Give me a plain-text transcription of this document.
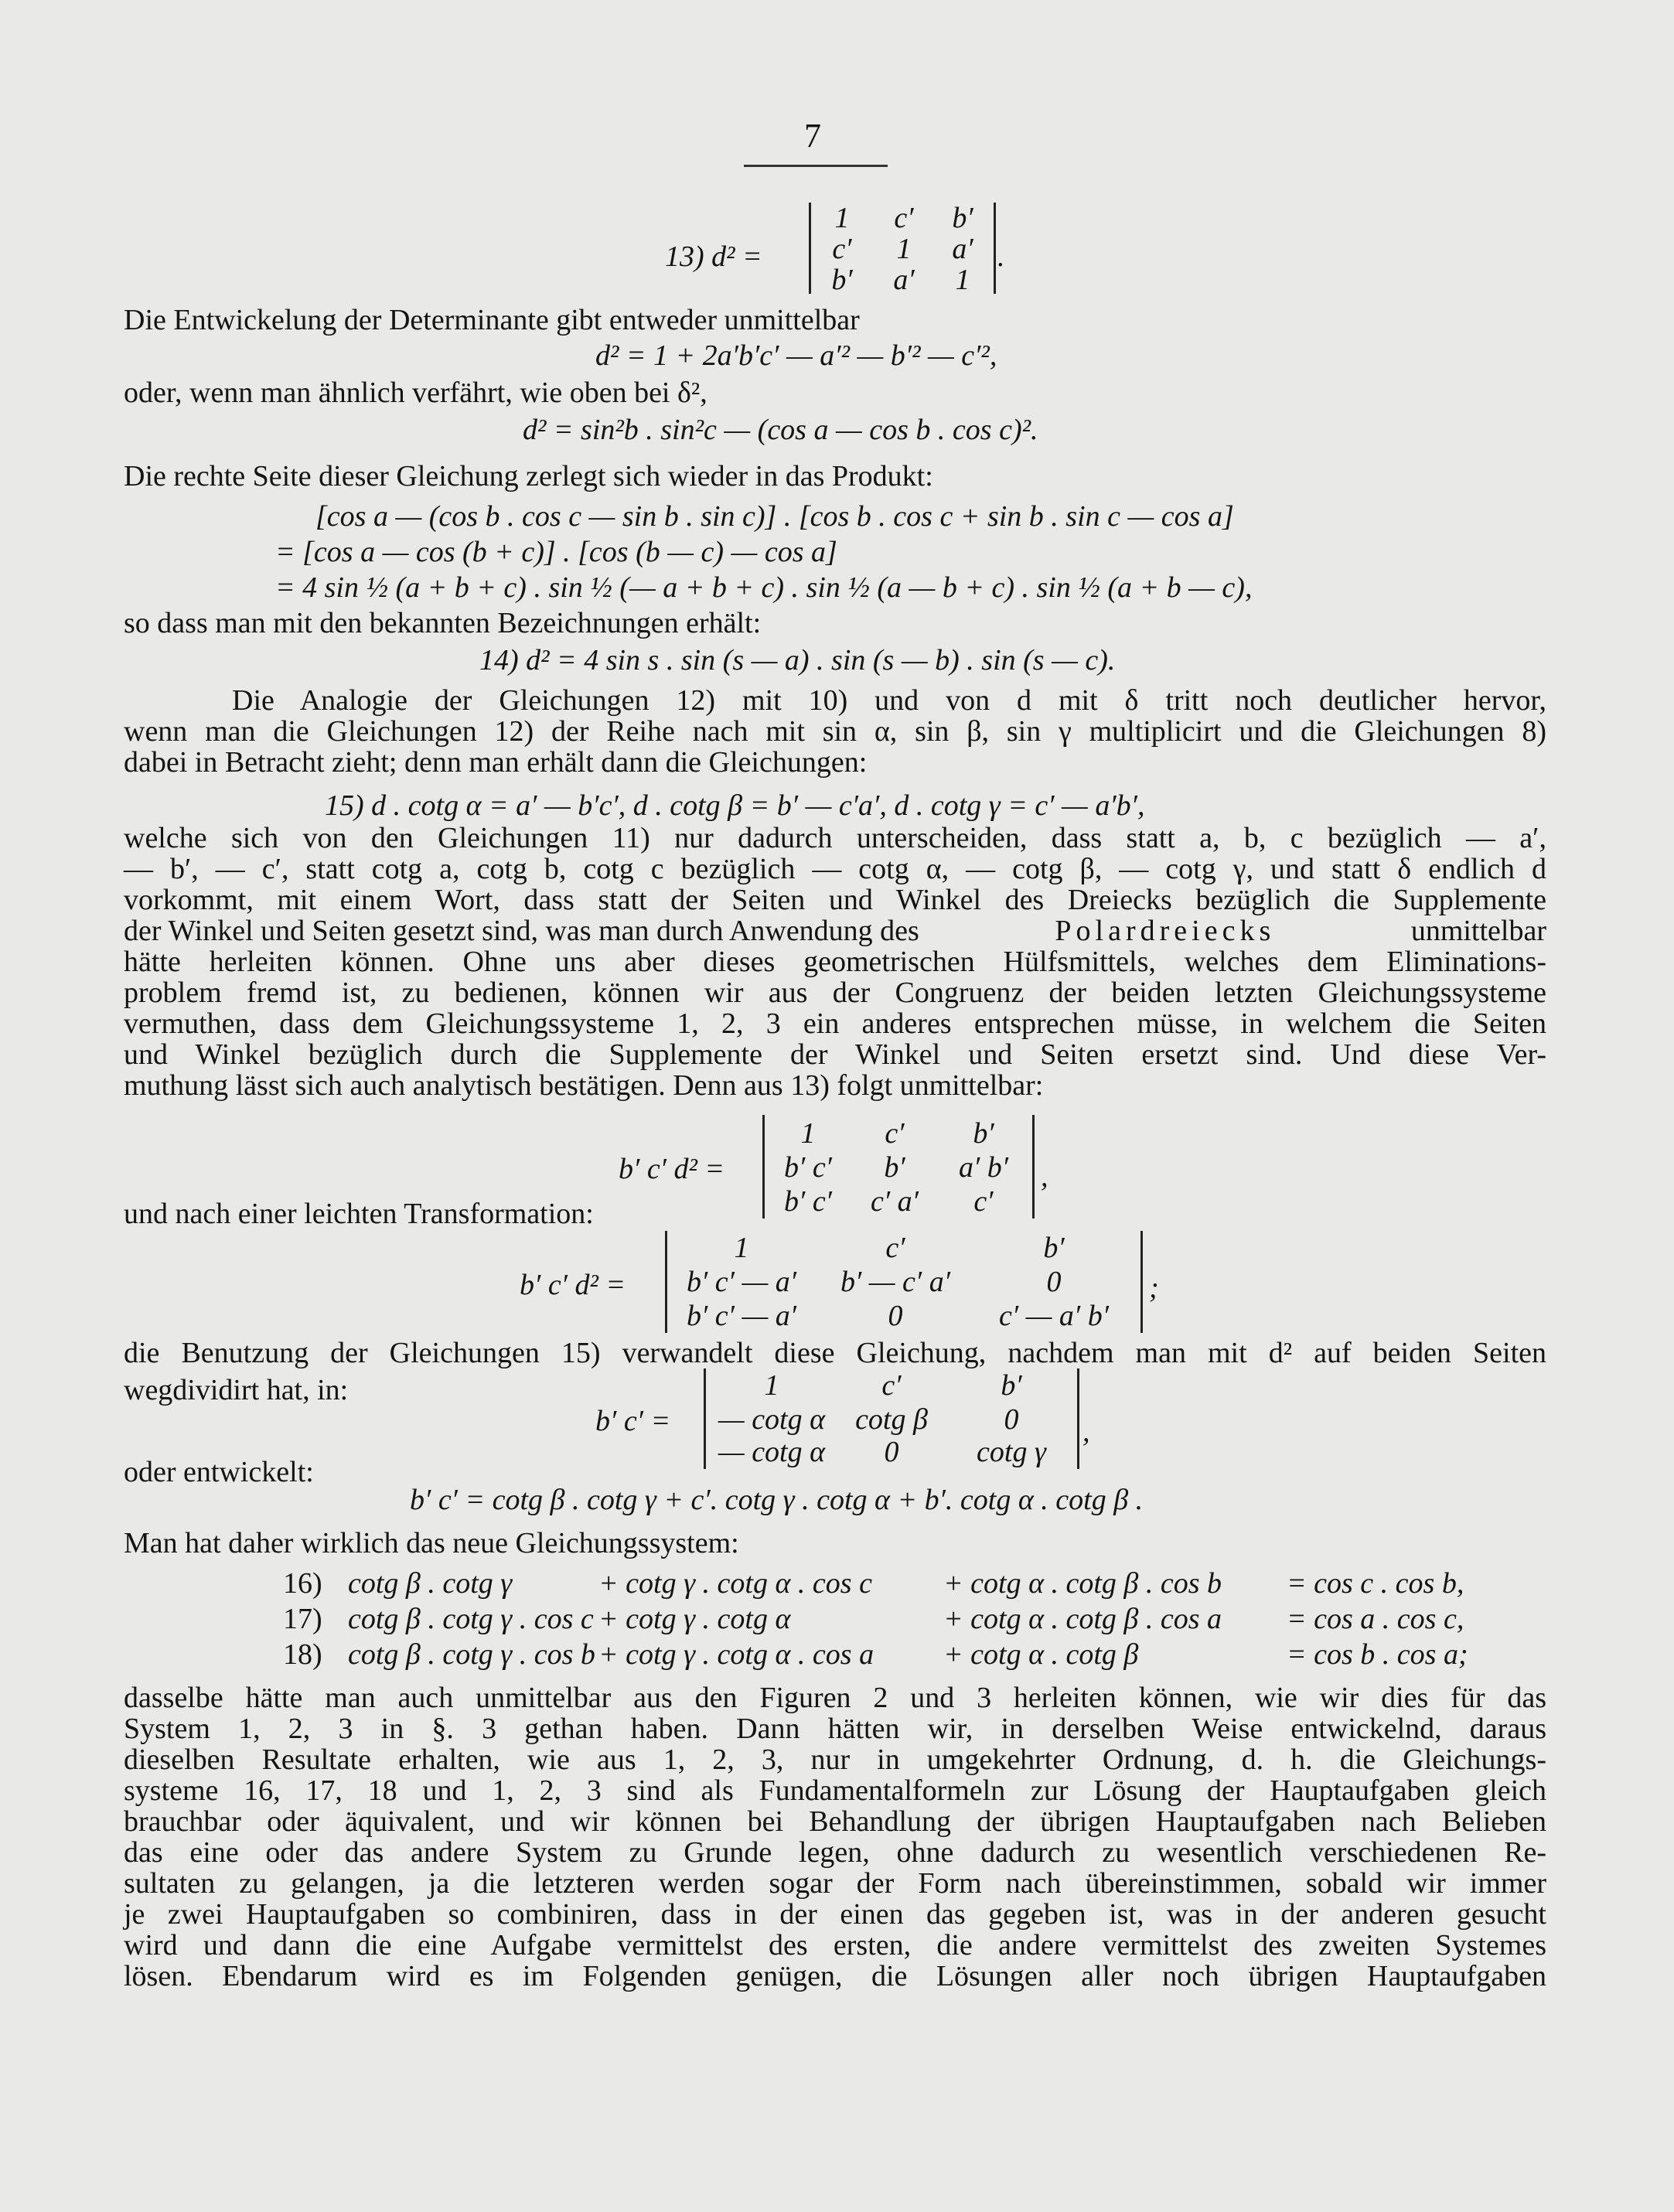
7
13) d² =
1	c′	b′
c′	1	a′
b′	a′	1
.
Die Entwickelung der Determinante gibt entweder unmittelbar
d² = 1 + 2a′b′c′ — a′² — b′² — c′²,
oder, wenn man ähnlich verfährt, wie oben bei δ²,
d² = sin²b . sin²c — (cos a — cos b . cos c)².
Die rechte Seite dieser Gleichung zerlegt sich wieder in das Produkt:
[cos a — (cos b . cos c — sin b . sin c)] . [cos b . cos c + sin b . sin c — cos a]
= [cos a — cos (b + c)] . [cos (b — c) — cos a]
= 4 sin ½ (a + b + c) . sin ½ (— a + b + c) . sin ½ (a — b + c) . sin ½ (a + b — c),
so dass man mit den bekannten Bezeichnungen erhält:
14) d² = 4 sin s . sin (s — a) . sin (s — b) . sin (s — c).
Die Analogie der Gleichungen 12) mit 10) und von d mit δ tritt noch deutlicher hervor,
wenn man die Gleichungen 12) der Reihe nach mit sin α, sin β, sin γ multiplicirt und die Gleichungen 8)
dabei in Betracht zieht; denn man erhält dann die Gleichungen:
15) d . cotg α = a′ — b′c′, d . cotg β = b′ — c′a′, d . cotg γ = c′ — a′b′,
welche sich von den Gleichungen 11) nur dadurch unterscheiden, dass statt a, b, c bezüglich — a′,
— b′, — c′, statt cotg a, cotg b, cotg c bezüglich — cotg α, — cotg β, — cotg γ, und statt δ endlich d
vorkommt, mit einem Wort, dass statt der Seiten und Winkel des Dreiecks bezüglich die Supplemente
der Winkel und Seiten gesetzt sind, was man durch Anwendung des	Polardreiecks	unmittelbar
hätte herleiten können. Ohne uns aber dieses geometrischen Hülfsmittels, welches dem Eliminations-
problem fremd ist, zu bedienen, können wir aus der Congruenz der beiden letzten Gleichungssysteme
vermuthen, dass dem Gleichungssysteme 1, 2, 3 ein anderes entsprechen müsse, in welchem die Seiten
und Winkel bezüglich durch die Supplemente der Winkel und Seiten ersetzt sind. Und diese Ver-
muthung lässt sich auch analytisch bestätigen. Denn aus 13) folgt unmittelbar:
b′ c′ d² =
1	c′	b′
b′ c′	b′	a′ b′
b′ c′	c′ a′	c′
,
und nach einer leichten Transformation:
b′ c′ d² =
1	c′	b′
b′ c′ — a′	b′ — c′ a′	0
b′ c′ — a′	0	c′ — a′ b′
;
die Benutzung der Gleichungen 15) verwandelt diese Gleichung, nachdem man mit d² auf beiden Seiten
wegdividirt hat, in:
b′ c′ =
1	c′	b′
— cotg α	cotg β	0
— cotg α	0	cotg γ
,
oder entwickelt:
b′ c′ = cotg β . cotg γ + c′. cotg γ . cotg α + b′. cotg α . cotg β .
Man hat daher wirklich das neue Gleichungssystem:
16) cotg β . cotg γ	+ cotg γ . cotg α . cos c + cotg α . cotg β . cos b = cos c . cos b,
17) cotg β . cotg γ . cos c + cotg γ . cotg α	+ cotg α . cotg β . cos a = cos a . cos c,
18) cotg β . cotg γ . cos b + cotg γ . cotg α . cos a + cotg α . cotg β	= cos b . cos a;
dasselbe hätte man auch unmittelbar aus den Figuren 2 und 3 herleiten können, wie wir dies für das
System 1, 2, 3 in §. 3 gethan haben. Dann hätten wir, in derselben Weise entwickelnd, daraus
dieselben Resultate erhalten, wie aus 1, 2, 3, nur in umgekehrter Ordnung, d. h. die Gleichungs-
systeme 16, 17, 18 und 1, 2, 3 sind als Fundamentalformeln zur Lösung der Hauptaufgaben gleich
brauchbar oder äquivalent, und wir können bei Behandlung der übrigen Hauptaufgaben nach Belieben
das eine oder das andere System zu Grunde legen, ohne dadurch zu wesentlich verschiedenen Re-
sultaten zu gelangen, ja die letzteren werden sogar der Form nach übereinstimmen, sobald wir immer
je zwei Hauptaufgaben so combiniren, dass in der einen das gegeben ist, was in der anderen gesucht
wird und dann die eine Aufgabe vermittelst des ersten, die andere vermittelst des zweiten Systemes
lösen. Ebendarum wird es im Folgenden genügen, die Lösungen aller noch übrigen Hauptaufgaben
